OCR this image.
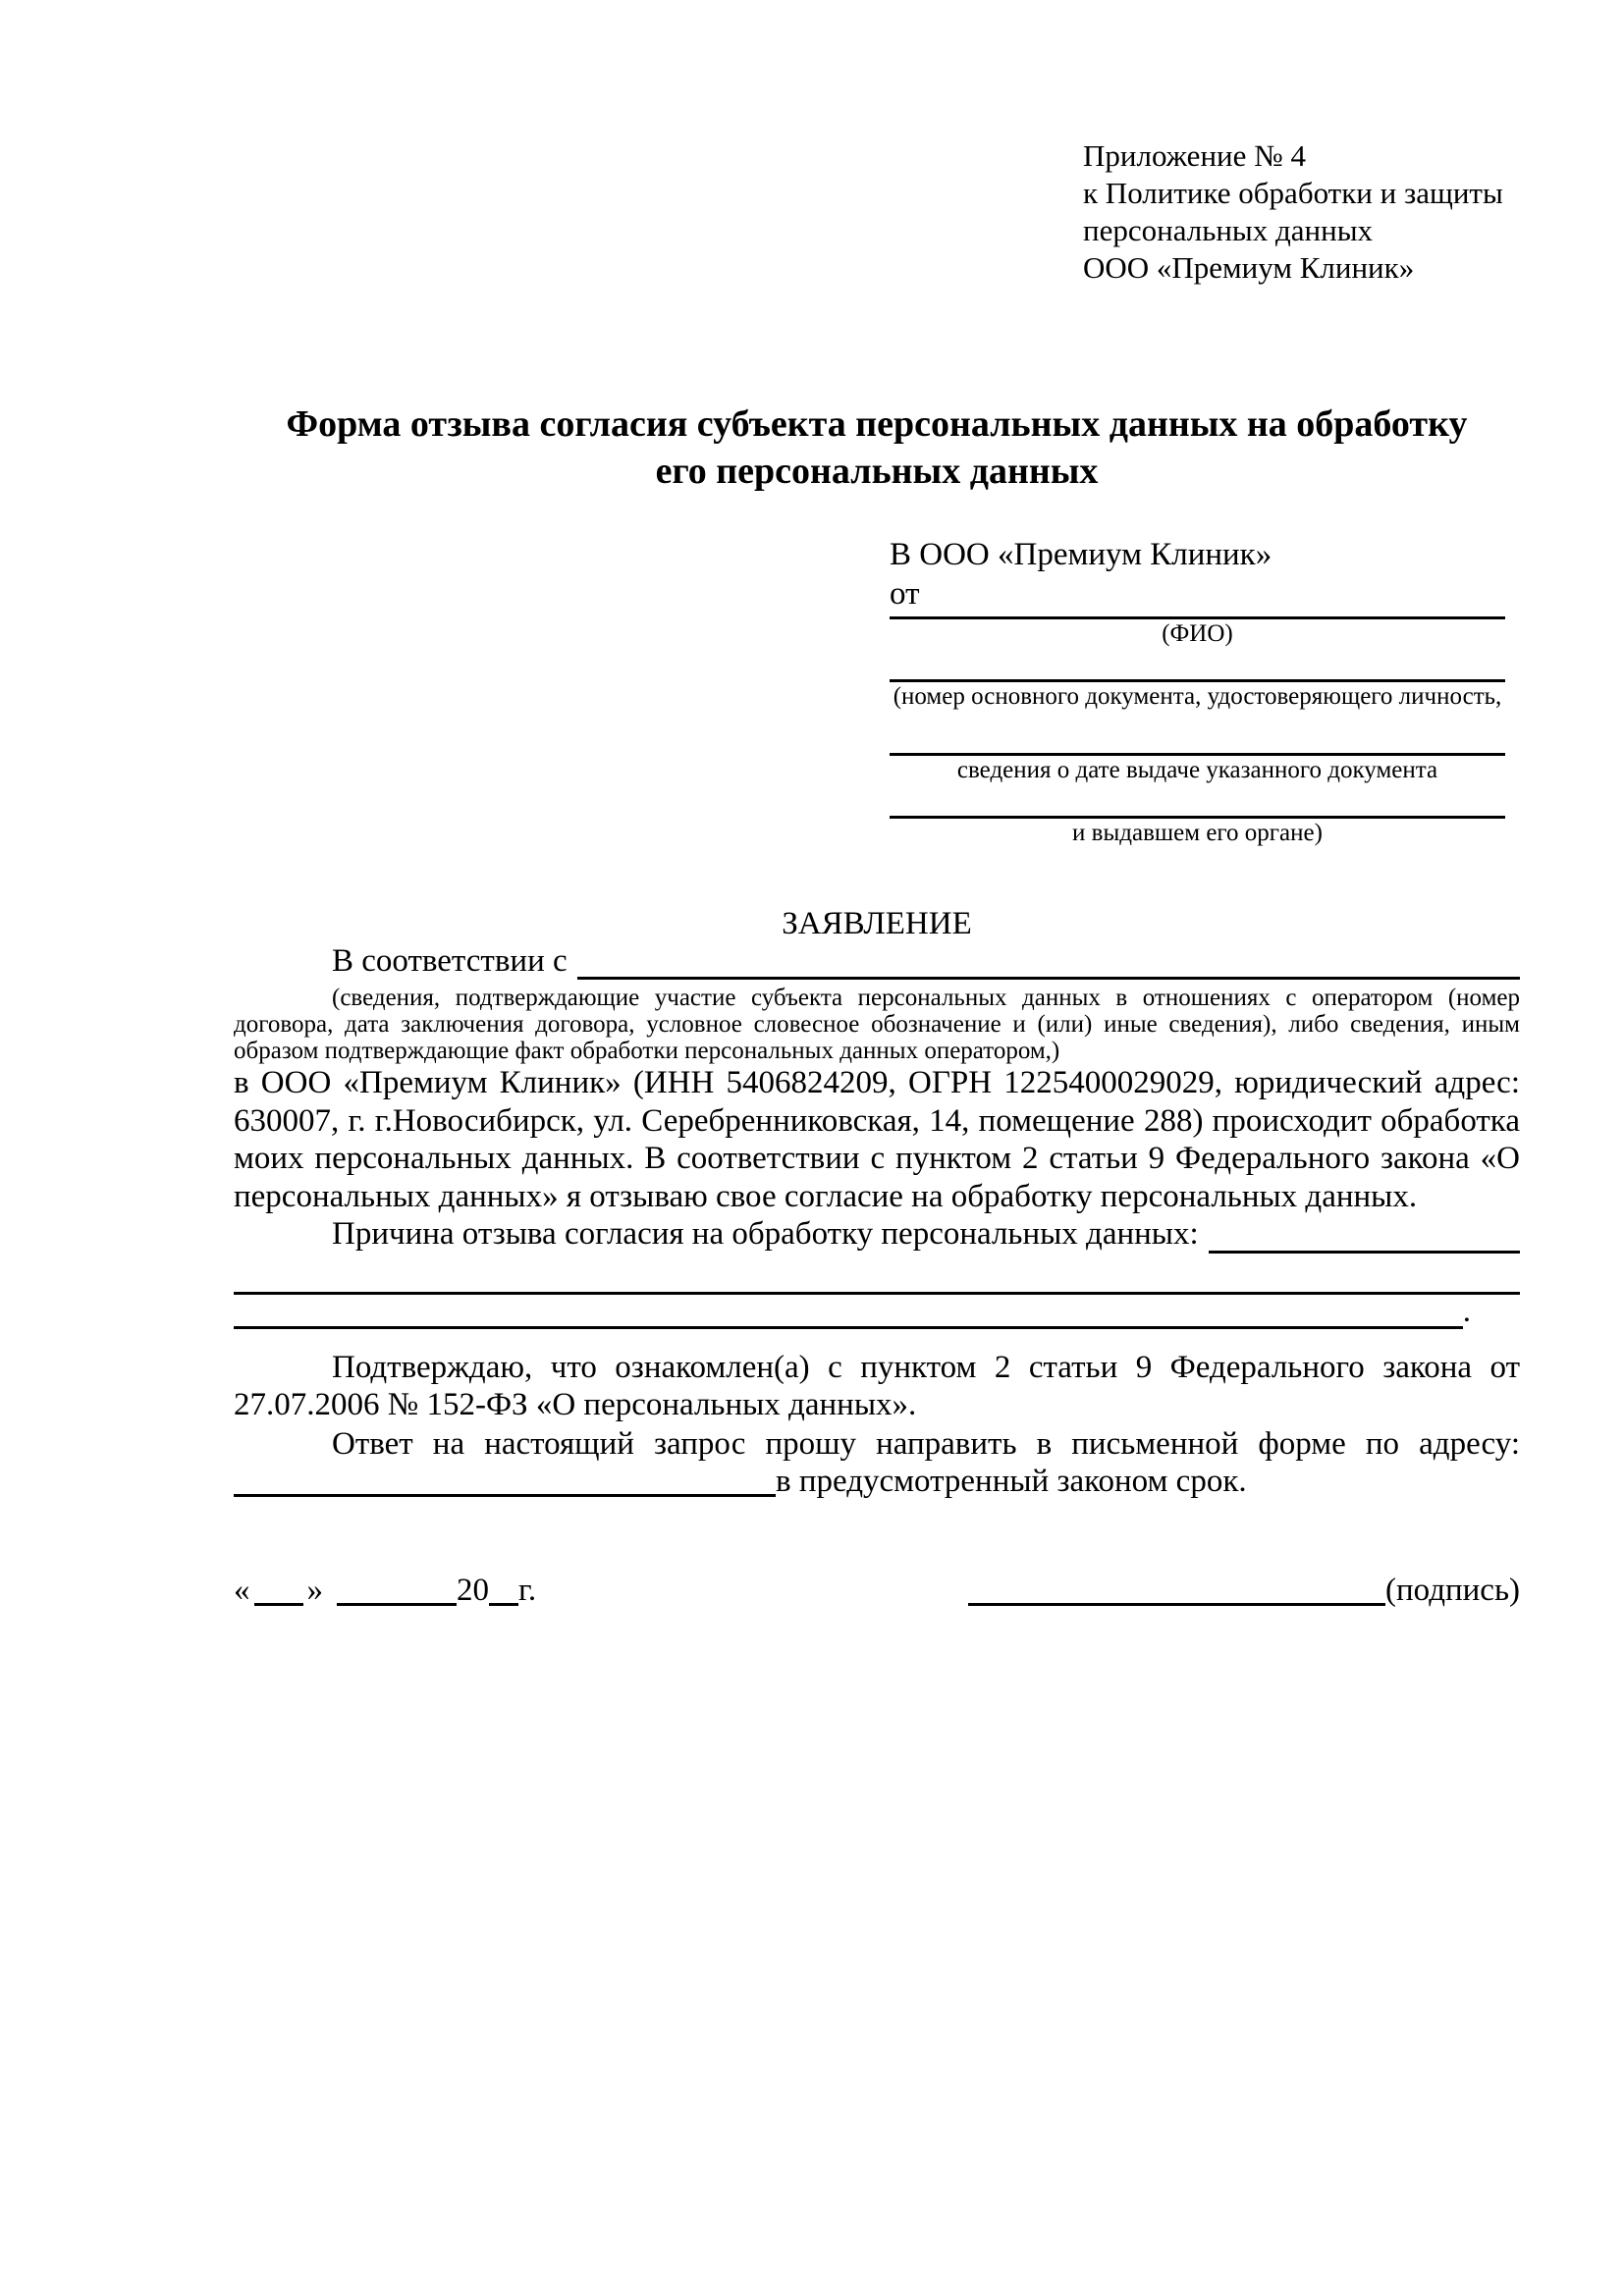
Приложение № 4
к Политике обработки и защиты
персональных данных
ООО «Премиум Клиник»
Форма отзыва согласия субъекта персональных данных на обработку
его персональных данных
В ООО «Премиум Клиник»
от
(ФИО)
(номер основного документа, удостоверяющего личность,
сведения о дате выдаче указанного документа
и выдавшем его органе)
ЗАЯВЛЕНИЕ
В соответствии с
(сведения, подтверждающие участие субъекта персональных данных в отношениях с оператором (номер договора, дата заключения договора, условное словесное обозначение и (или) иные сведения), либо сведения, иным образом подтверждающие факт обработки персональных данных оператором,)
в ООО «Премиум Клиник» (ИНН 5406824209, ОГРН 1225400029029, юридический адрес: 630007, г. г.Новосибирск, ул. Серебренниковская, 14, помещение 288) происходит обработка моих персональных данных. В соответствии с пунктом 2 статьи 9 Федерального закона «О персональных данных» я отзываю свое согласие на обработку персональных данных.
Причина отзыва согласия на обработку персональных данных:
.
Подтверждаю, что ознакомлен(а) с пунктом 2 статьи 9 Федерального закона от 27.07.2006 № 152-ФЗ «О персональных данных».
Ответ на настоящий запрос прошу направить в письменной форме по адресу: в предусмотренный законом срок.
« »	20 г.	(подпись)
